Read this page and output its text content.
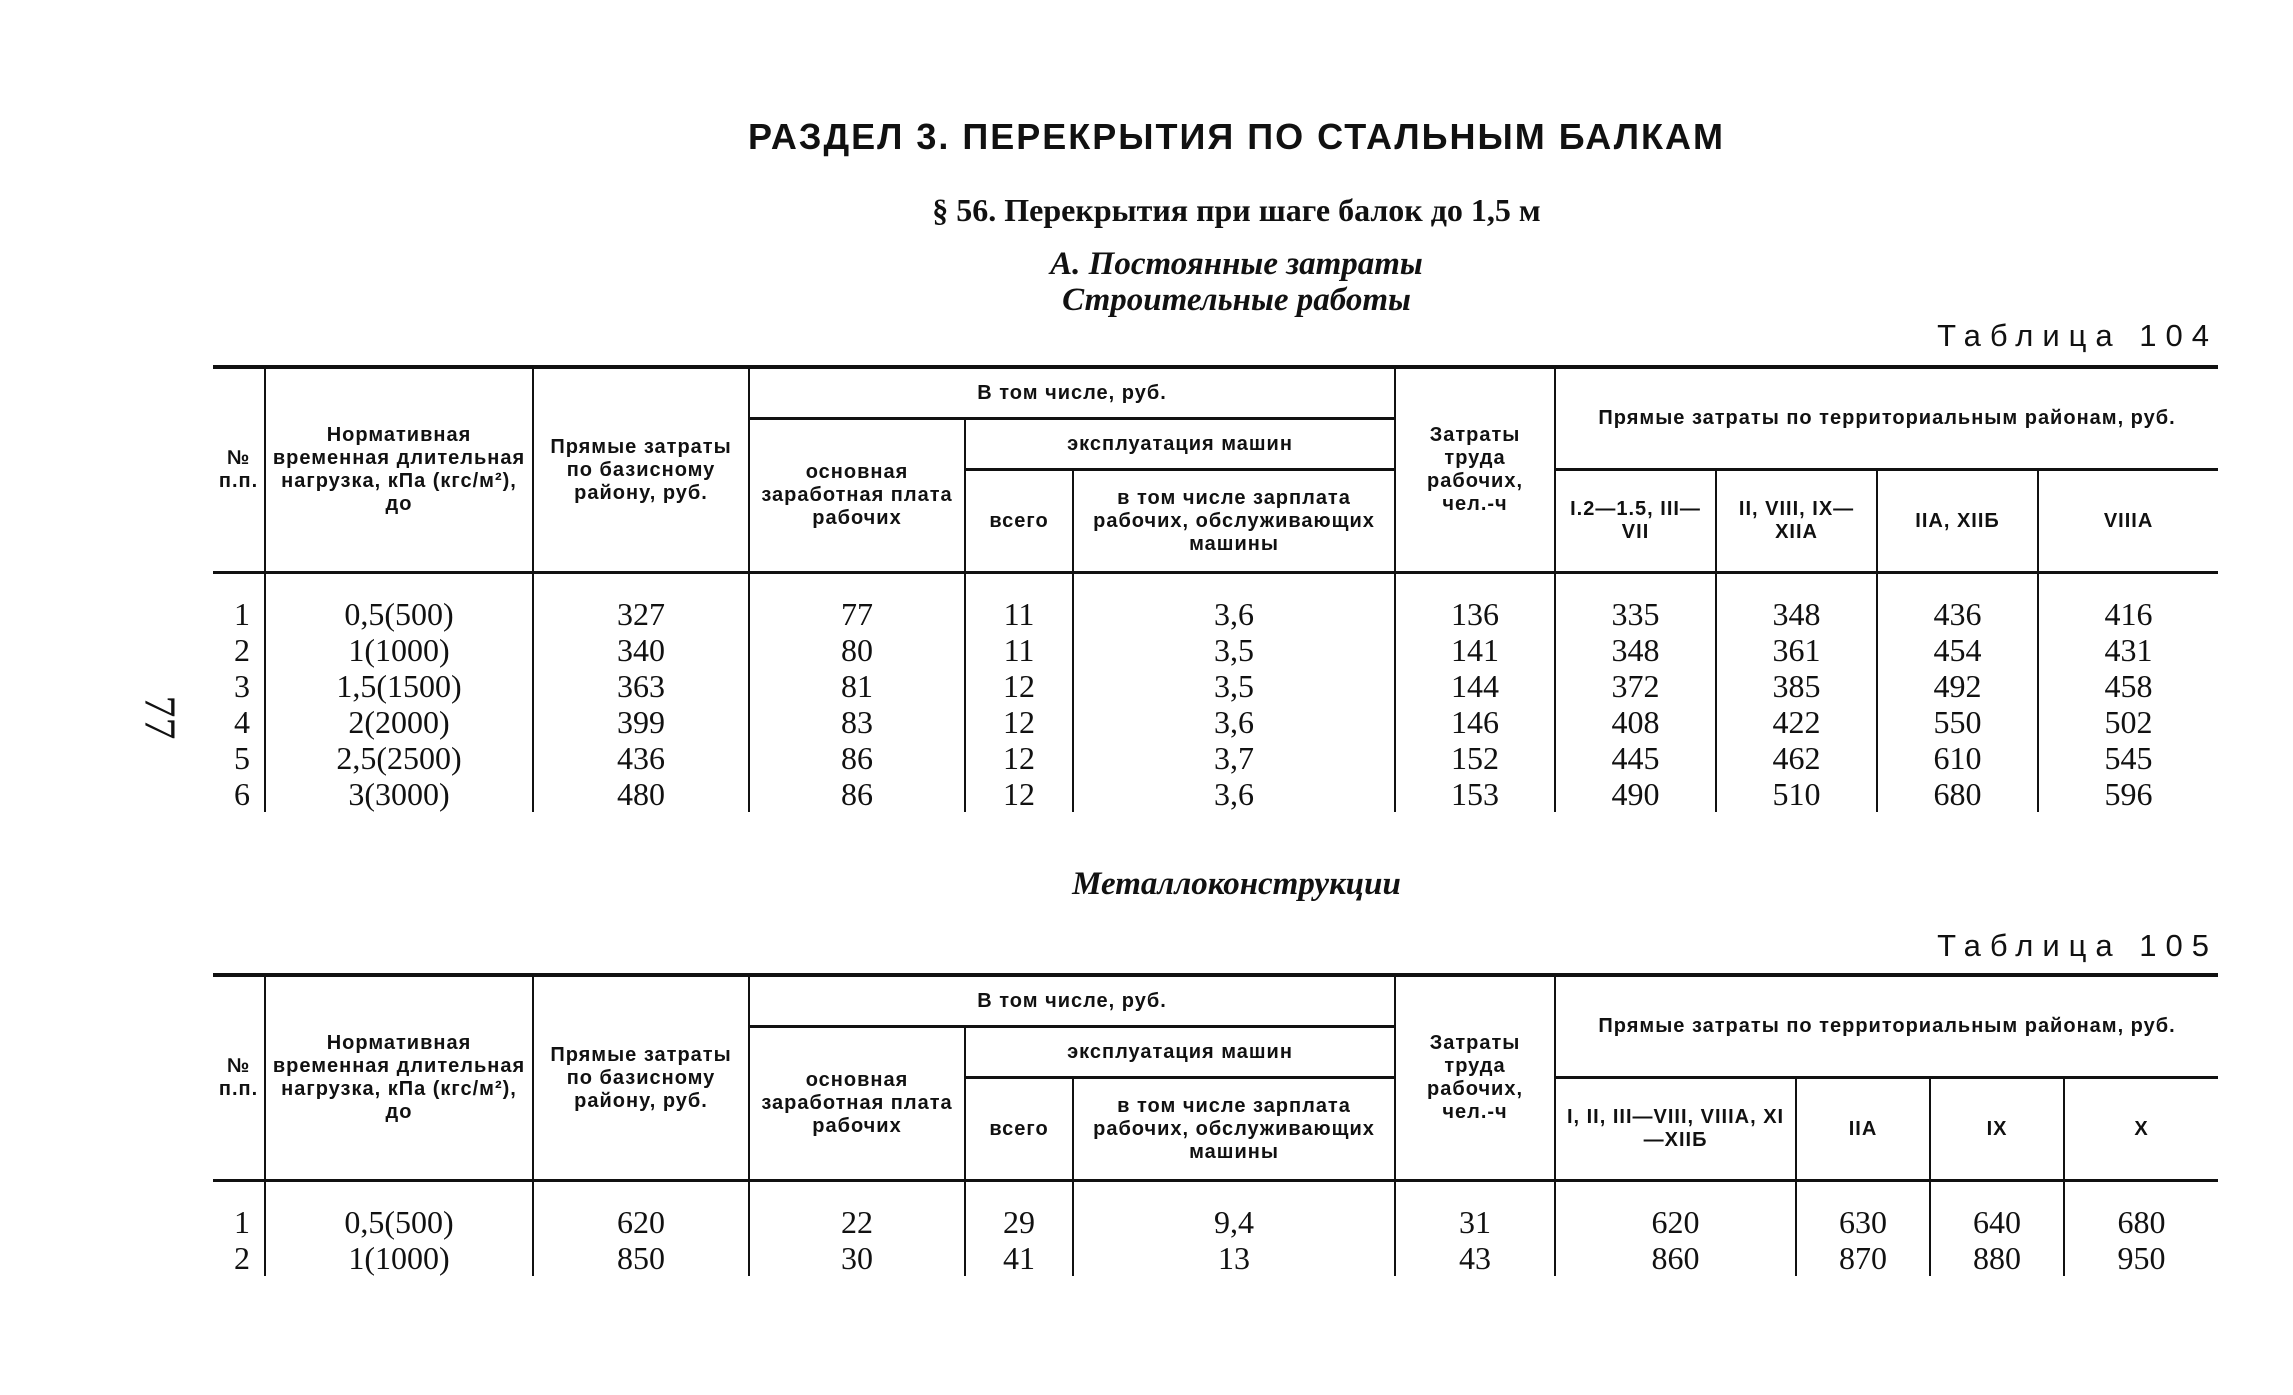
77
РАЗДЕЛ 3. ПЕРЕКРЫТИЯ ПО СТАЛЬНЫМ БАЛКАМ
§ 56. Перекрытия при шаге балок до 1,5 м
А. Постоянные затраты
Строительные работы
Таблица 104
№ п.п.	Нормативная временная длительная нагрузка, кПа (кгс/м²), до	Прямые затраты по базисному району, руб.	В том числе, руб.			Затраты труда рабочих, чел.-ч	Прямые затраты по территориальным районам, руб.			
			основная заработная плата рабочих	эксплуатация машин						
				всего	в том числе зарплата рабочих, обслуживающих машины		I.2—1.5, III—VII	II, VIII, IX—XIIА	IIА, XIIБ	VIIIА

1	0,5(500)	327	77	11	3,6	136	335	348	436	416
2	1(1000)	340	80	11	3,5	141	348	361	454	431
3	1,5(1500)	363	81	12	3,5	144	372	385	492	458
4	2(2000)	399	83	12	3,6	146	408	422	550	502
5	2,5(2500)	436	86	12	3,7	152	445	462	610	545
6	3(3000)	480	86	12	3,6	153	490	510	680	596
Металлоконструкции
Таблица 105
№ п.п.	Нормативная временная длительная нагрузка, кПа (кгс/м²), до	Прямые затраты по базисному району, руб.	В том числе, руб.			Затраты труда рабочих, чел.-ч	Прямые затраты по территориальным районам, руб.			
			основная заработная плата рабочих	эксплуатация машин						
				всего	в том числе зарплата рабочих, обслуживающих машины		I, II, III—VIII, VIIIА, XI—XIIБ	IIА	IX	X

1	0,5(500)	620	22	29	9,4	31	620	630	640	680
2	1(1000)	850	30	41	13	43	860	870	880	950
